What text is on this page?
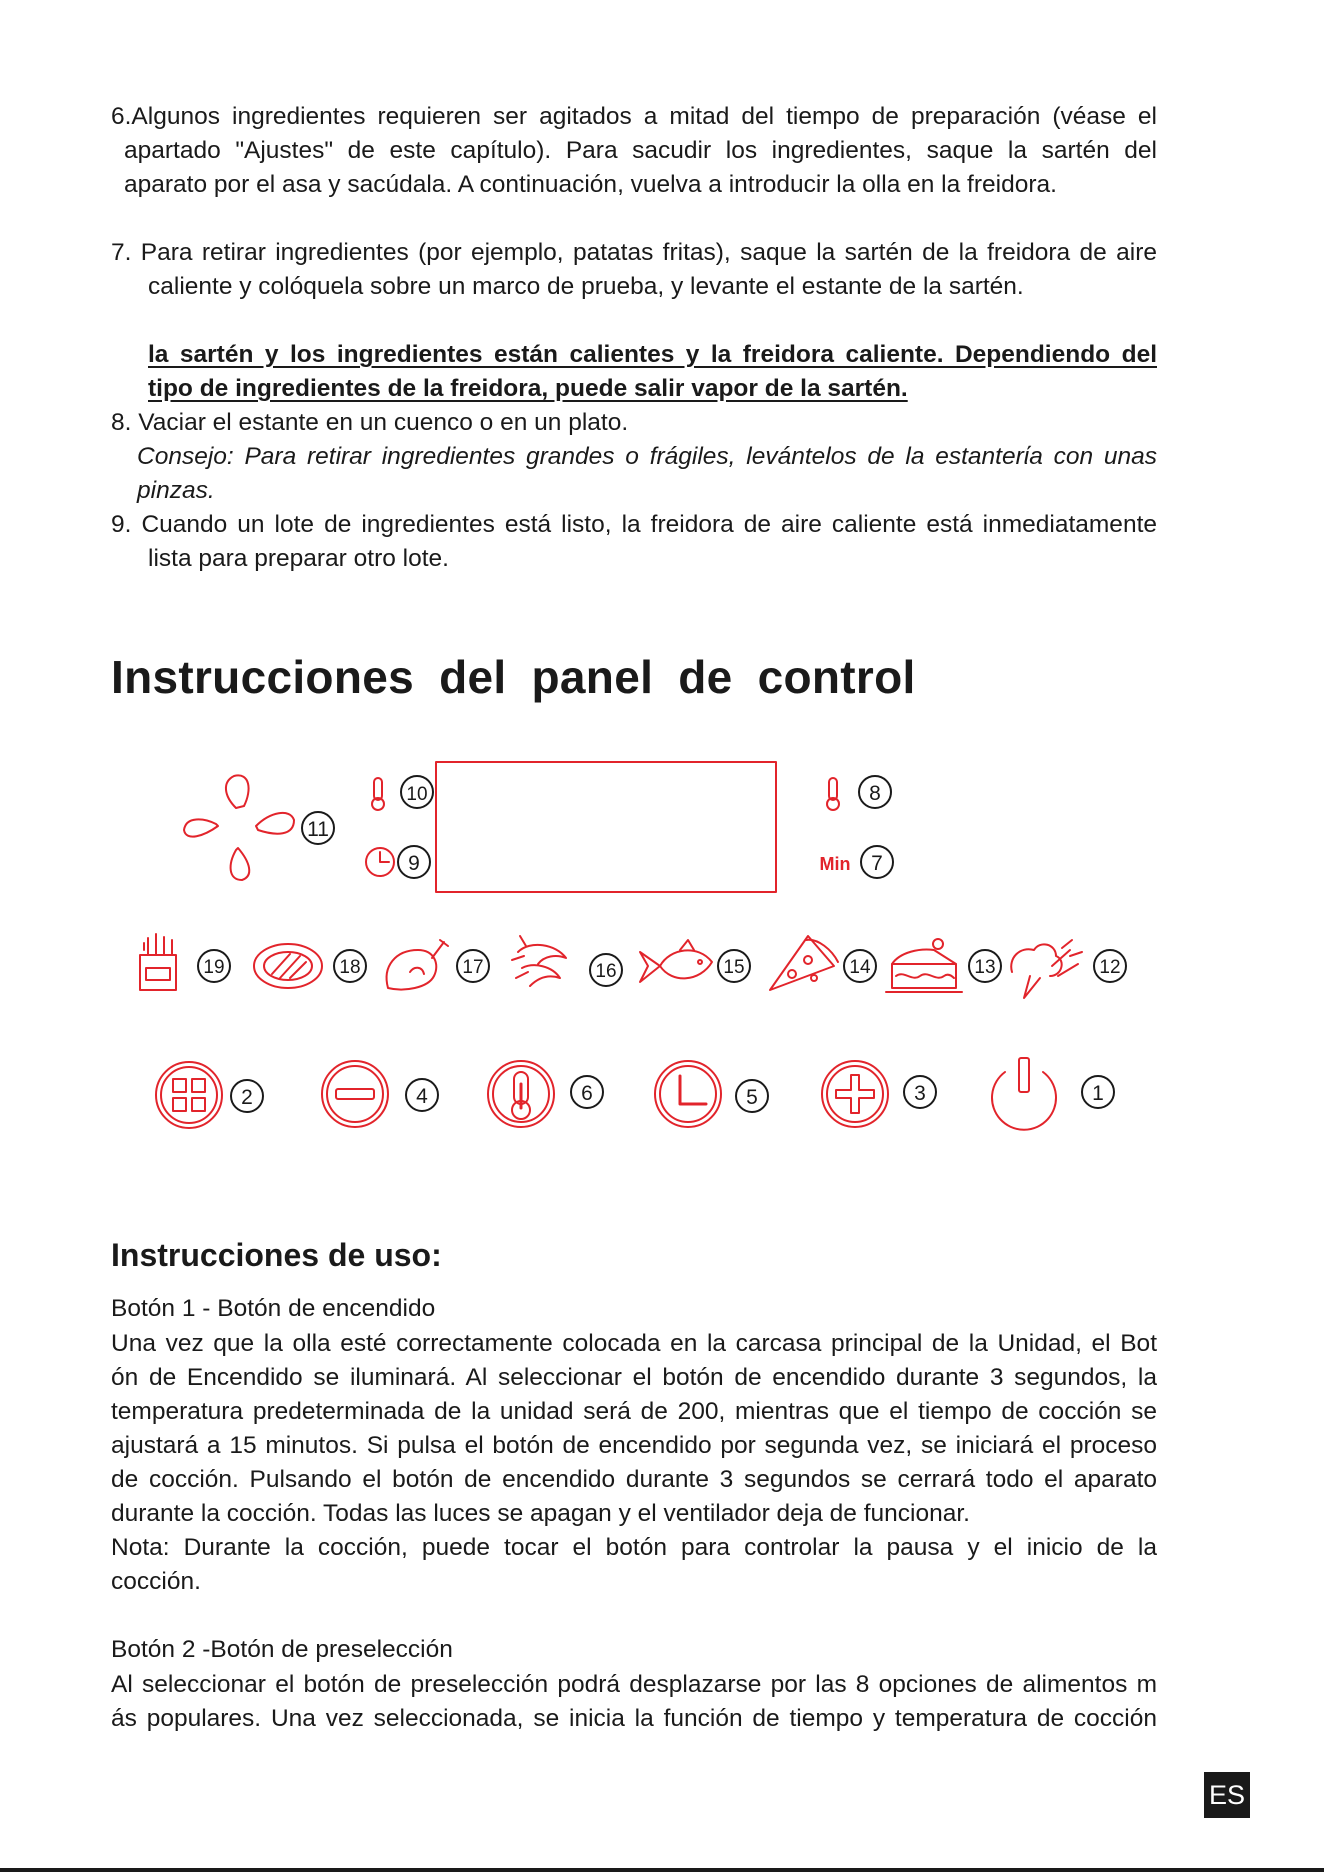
6.Algunos ingredientes requieren ser agitados a mitad del tiempo de preparación (véase el

apartado "Ajustes" de este capítulo). Para sacudir los ingredientes, saque la sartén del

aparato por el asa y sacúdala. A continuación, vuelva a introducir la olla en la freidora.

7. Para retirar ingredientes (por ejemplo, patatas fritas), saque la sartén de la freidora de aire

caliente y colóquela sobre un marco de prueba, y levante el estante de la sartén.

la sartén y los ingredientes están calientes y la freidora caliente. Dependiendo del

tipo de ingredientes de la freidora, puede salir vapor de la sartén.

8. Vaciar el estante en un cuenco o en un plato.

Consejo: Para retirar ingredientes grandes o frágiles, levántelos de la estanterίa con unas

pinzas.

9. Cuando un lote de ingredientes está listo, la freidora de aire caliente está inmediatamente

lista para preparar otro lote.

Instrucciones del panel de control
11
10
9
8
Min 7
19	18	17	16	15	14	13	12
2	4	6	5	3	1
Instrucciones de uso:

Botón 1 - Botón de encendido

Una vez que la olla esté correctamente colocada en la carcasa principal de la Unidad, el Bot

ón de Encendido se iluminará. Al seleccionar el botón de encendido durante 3 segundos, la

temperatura predeterminada de la unidad será de 200, mientras que el tiempo de cocción se

ajustará a 15 minutos. Si pulsa el botón de encendido por segunda vez, se iniciará el proceso

de cocción. Pulsando el botón de encendido durante 3 segundos se cerrará todo el aparato

durante la cocción. Todas las luces se apagan y el ventilador deja de funcionar.

Nota: Durante la cocción, puede tocar el botón para controlar la pausa y el inicio de la

cocción.

Botón 2 -Botón de preselección

Al seleccionar el botón de preselección podrá desplazarse por las 8 opciones de alimentos m

ás populares. Una vez seleccionada, se inicia la función de tiempo y temperatura de cocción

ES
